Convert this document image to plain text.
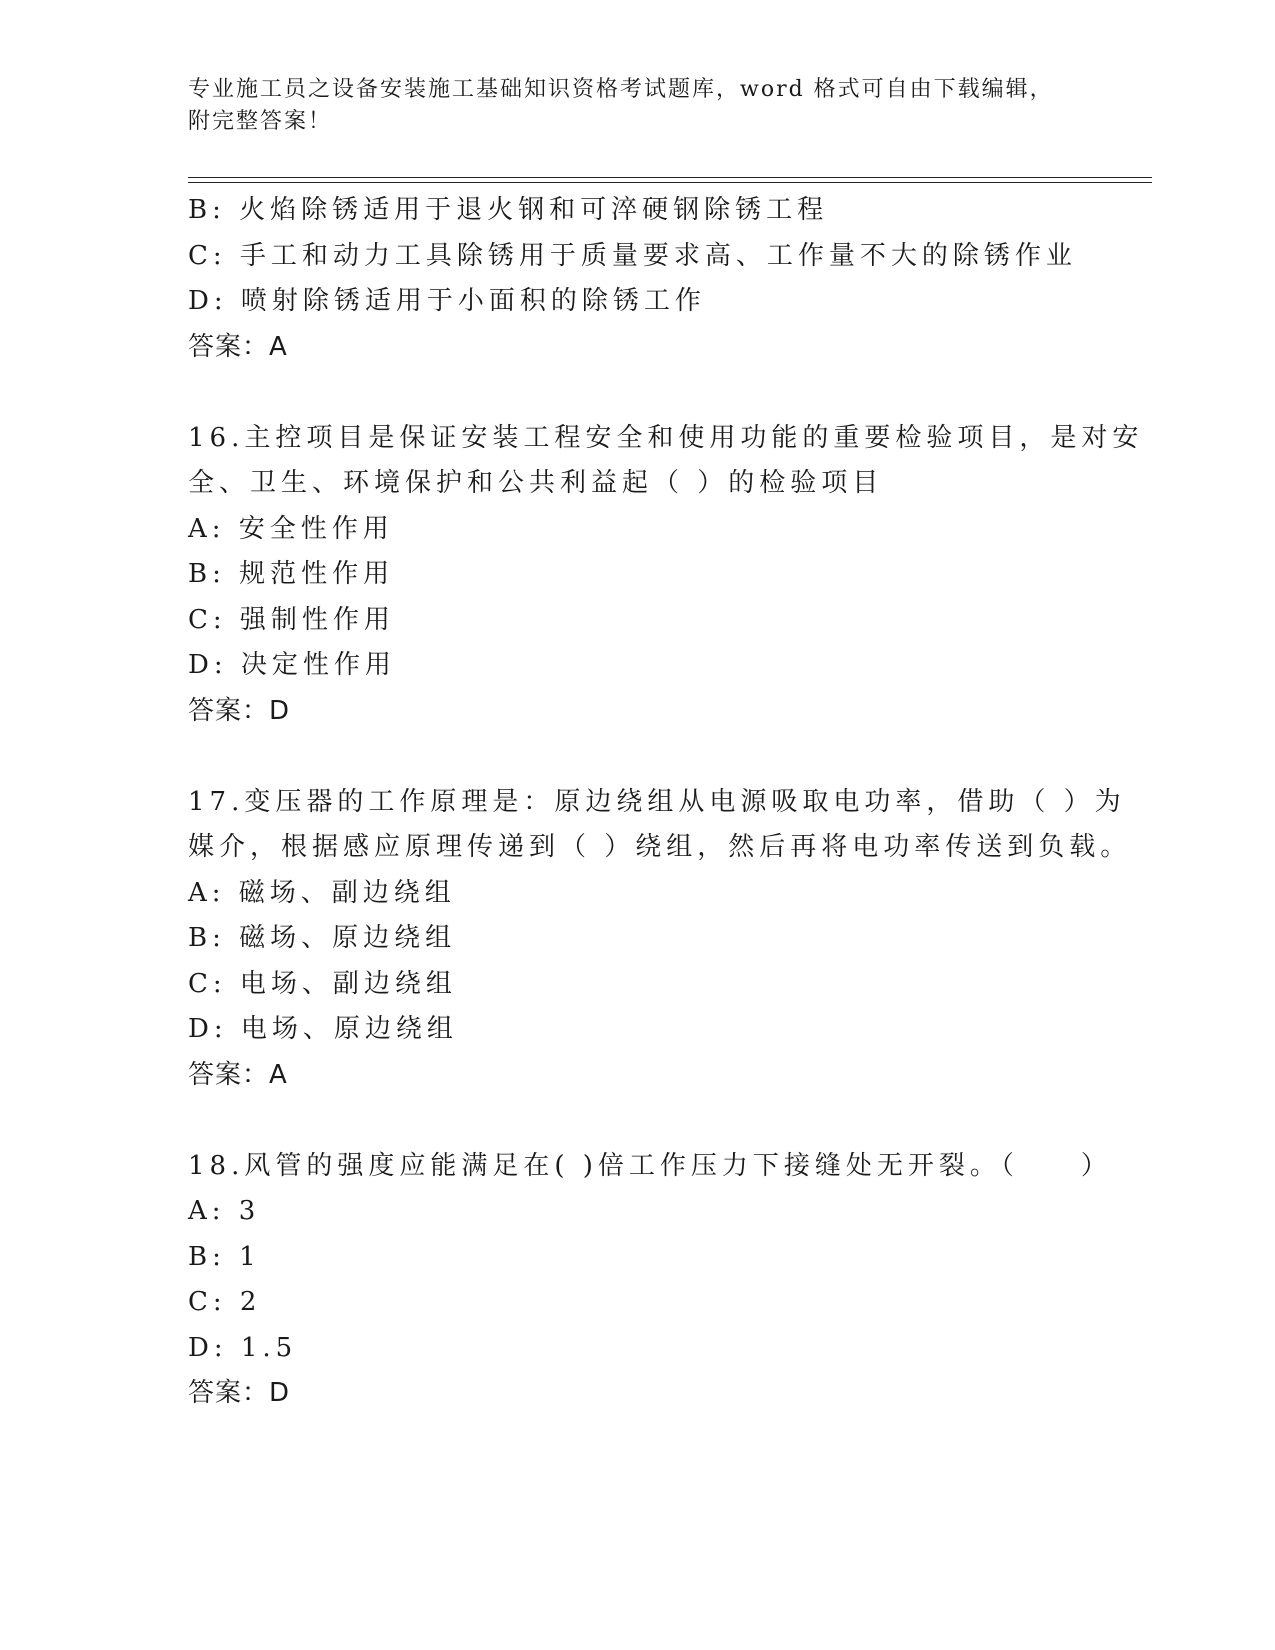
专业施工员之设备安装施工基础知识资格考试题库，word 格式可自由下载编辑，
附完整答案！
B: 火焰除锈适用于退火钢和可淬硬钢除锈工程
C: 手工和动力工具除锈用于质量要求高、工作量不大的除锈作业
D: 喷射除锈适用于小面积的除锈工作
答案：A
16.主控项目是保证安装工程安全和使用功能的重要检验项目，是对安
全、卫生、环境保护和公共利益起（ ）的检验项目
A: 安全性作用
B: 规范性作用
C: 强制性作用
D: 决定性作用
答案：D
17.变压器的工作原理是：原边绕组从电源吸取电功率，借助（ ）为
媒介，根据感应原理传递到（ ）绕组，然后再将电功率传送到负载。
A: 磁场、副边绕组
B: 磁场、原边绕组
C: 电场、副边绕组
D: 电场、原边绕组
答案：A
18.风管的强度应能满足在( )倍工作压力下接缝处无开裂。（　　）
A: 3
B: 1
C: 2
D: 1.5
答案：D
